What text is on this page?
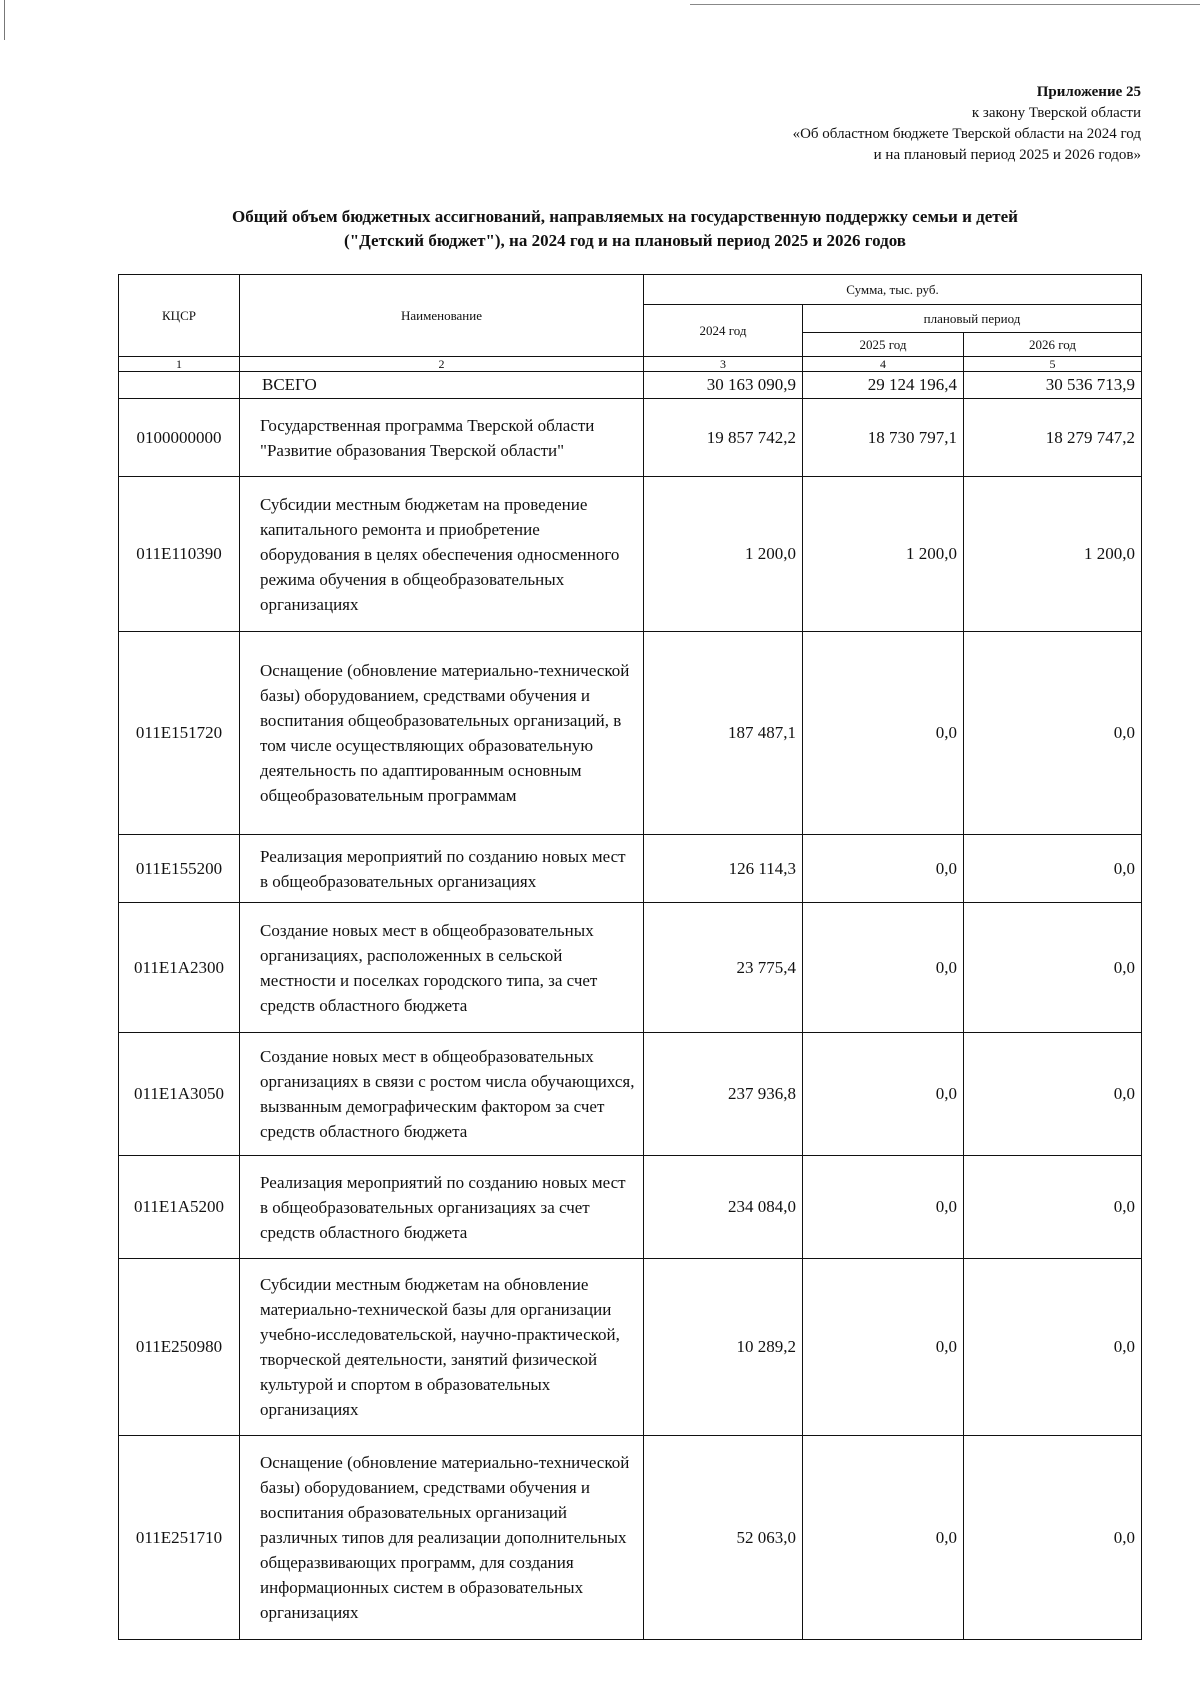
Приложение 25
к закону Тверской области
«Об областном бюджете Тверской области на 2024 год
и на плановый период 2025 и 2026 годов»
Общий объем бюджетных ассигнований, направляемых на государственную поддержку семьи и детей
("Детский бюджет"), на 2024 год и на плановый период 2025 и 2026 годов
КЦСР	Наименование	Сумма, тыс. руб.		
		2024 год	плановый период	
			2025 год	2026 год
1	2	3	4	5
	ВСЕГО	30 163 090,9	29 124 196,4	30 536 713,9
0100000000	Государственная программа Тверской области "Развитие образования Тверской области"	19 857 742,2	18 730 797,1	18 279 747,2
011Е110390	Субсидии местным бюджетам на проведение капитального ремонта и приобретение оборудования в целях обеспечения односменного режима обучения в общеобразовательных организациях	1 200,0	1 200,0	1 200,0
011Е151720	Оснащение (обновление материально-технической базы) оборудованием, средствами обучения и воспитания общеобразовательных организаций, в том числе осуществляющих образовательную деятельность по адаптированным основным общеобразовательным программам	187 487,1	0,0	0,0
011Е155200	Реализация мероприятий по созданию новых мест в общеобразовательных организациях	126 114,3	0,0	0,0
011Е1А2300	Создание новых мест в общеобразовательных организациях, расположенных в сельской местности и поселках городского типа, за счет средств областного бюджета	23 775,4	0,0	0,0
011Е1А3050	Создание новых мест в общеобразовательных организациях в связи с ростом числа обучающихся, вызванным демографическим фактором за счет средств областного бюджета	237 936,8	0,0	0,0
011Е1А5200	Реализация мероприятий по созданию новых мест в общеобразовательных организациях за счет средств областного бюджета	234 084,0	0,0	0,0
011Е250980	Субсидии местным бюджетам на обновление материально-технической базы для организации учебно-исследовательской, научно-практической, творческой деятельности, занятий физической культурой и спортом в образовательных организациях	10 289,2	0,0	0,0
011Е251710	Оснащение (обновление материально-технической базы) оборудованием, средствами обучения и воспитания образовательных организаций различных типов для реализации дополнительных общеразвивающих программ, для создания информационных систем в образовательных организациях	52 063,0	0,0	0,0
